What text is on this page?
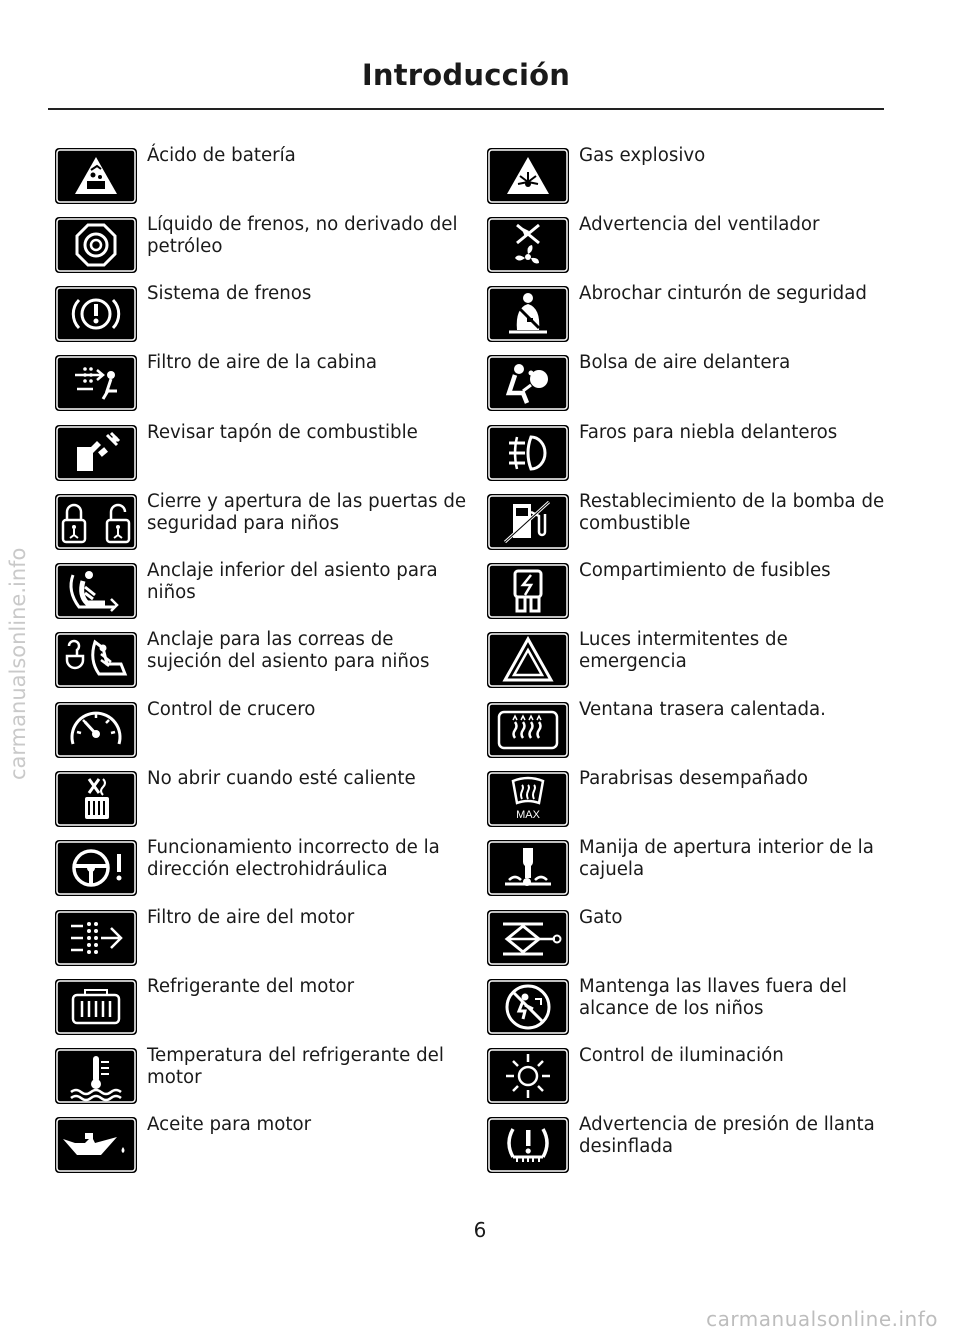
Introducción
Ácido de batería
Líquido de frenos, no derivado del petróleo
Sistema de frenos
Filtro de aire de la cabina
Revisar tapón de combustible
Cierre y apertura de las puertas de seguridad para niños
Anclaje inferior del asiento para niños
Anclaje para las correas de sujeción del asiento para niños
Control de crucero
No abrir cuando esté caliente
Funcionamiento incorrecto de la dirección electrohidráulica
Filtro de aire del motor
Refrigerante del motor
Temperatura del refrigerante del motor
Aceite para motor
Gas explosivo
Advertencia del ventilador
Abrochar cinturón de seguridad
Bolsa de aire delantera
Faros para niebla delanteros
Restablecimiento de la bomba de combustible
Compartimiento de fusibles
Luces intermitentes de emergencia
Ventana trasera calentada.
MAX
Parabrisas desempañado
Manija de apertura interior de la cajuela
Gato
Mantenga las llaves fuera del alcance de los niños
Control de iluminación
Advertencia de presión de llanta desinflada
6
carmanualsonline.info
carmanualsonline.info
